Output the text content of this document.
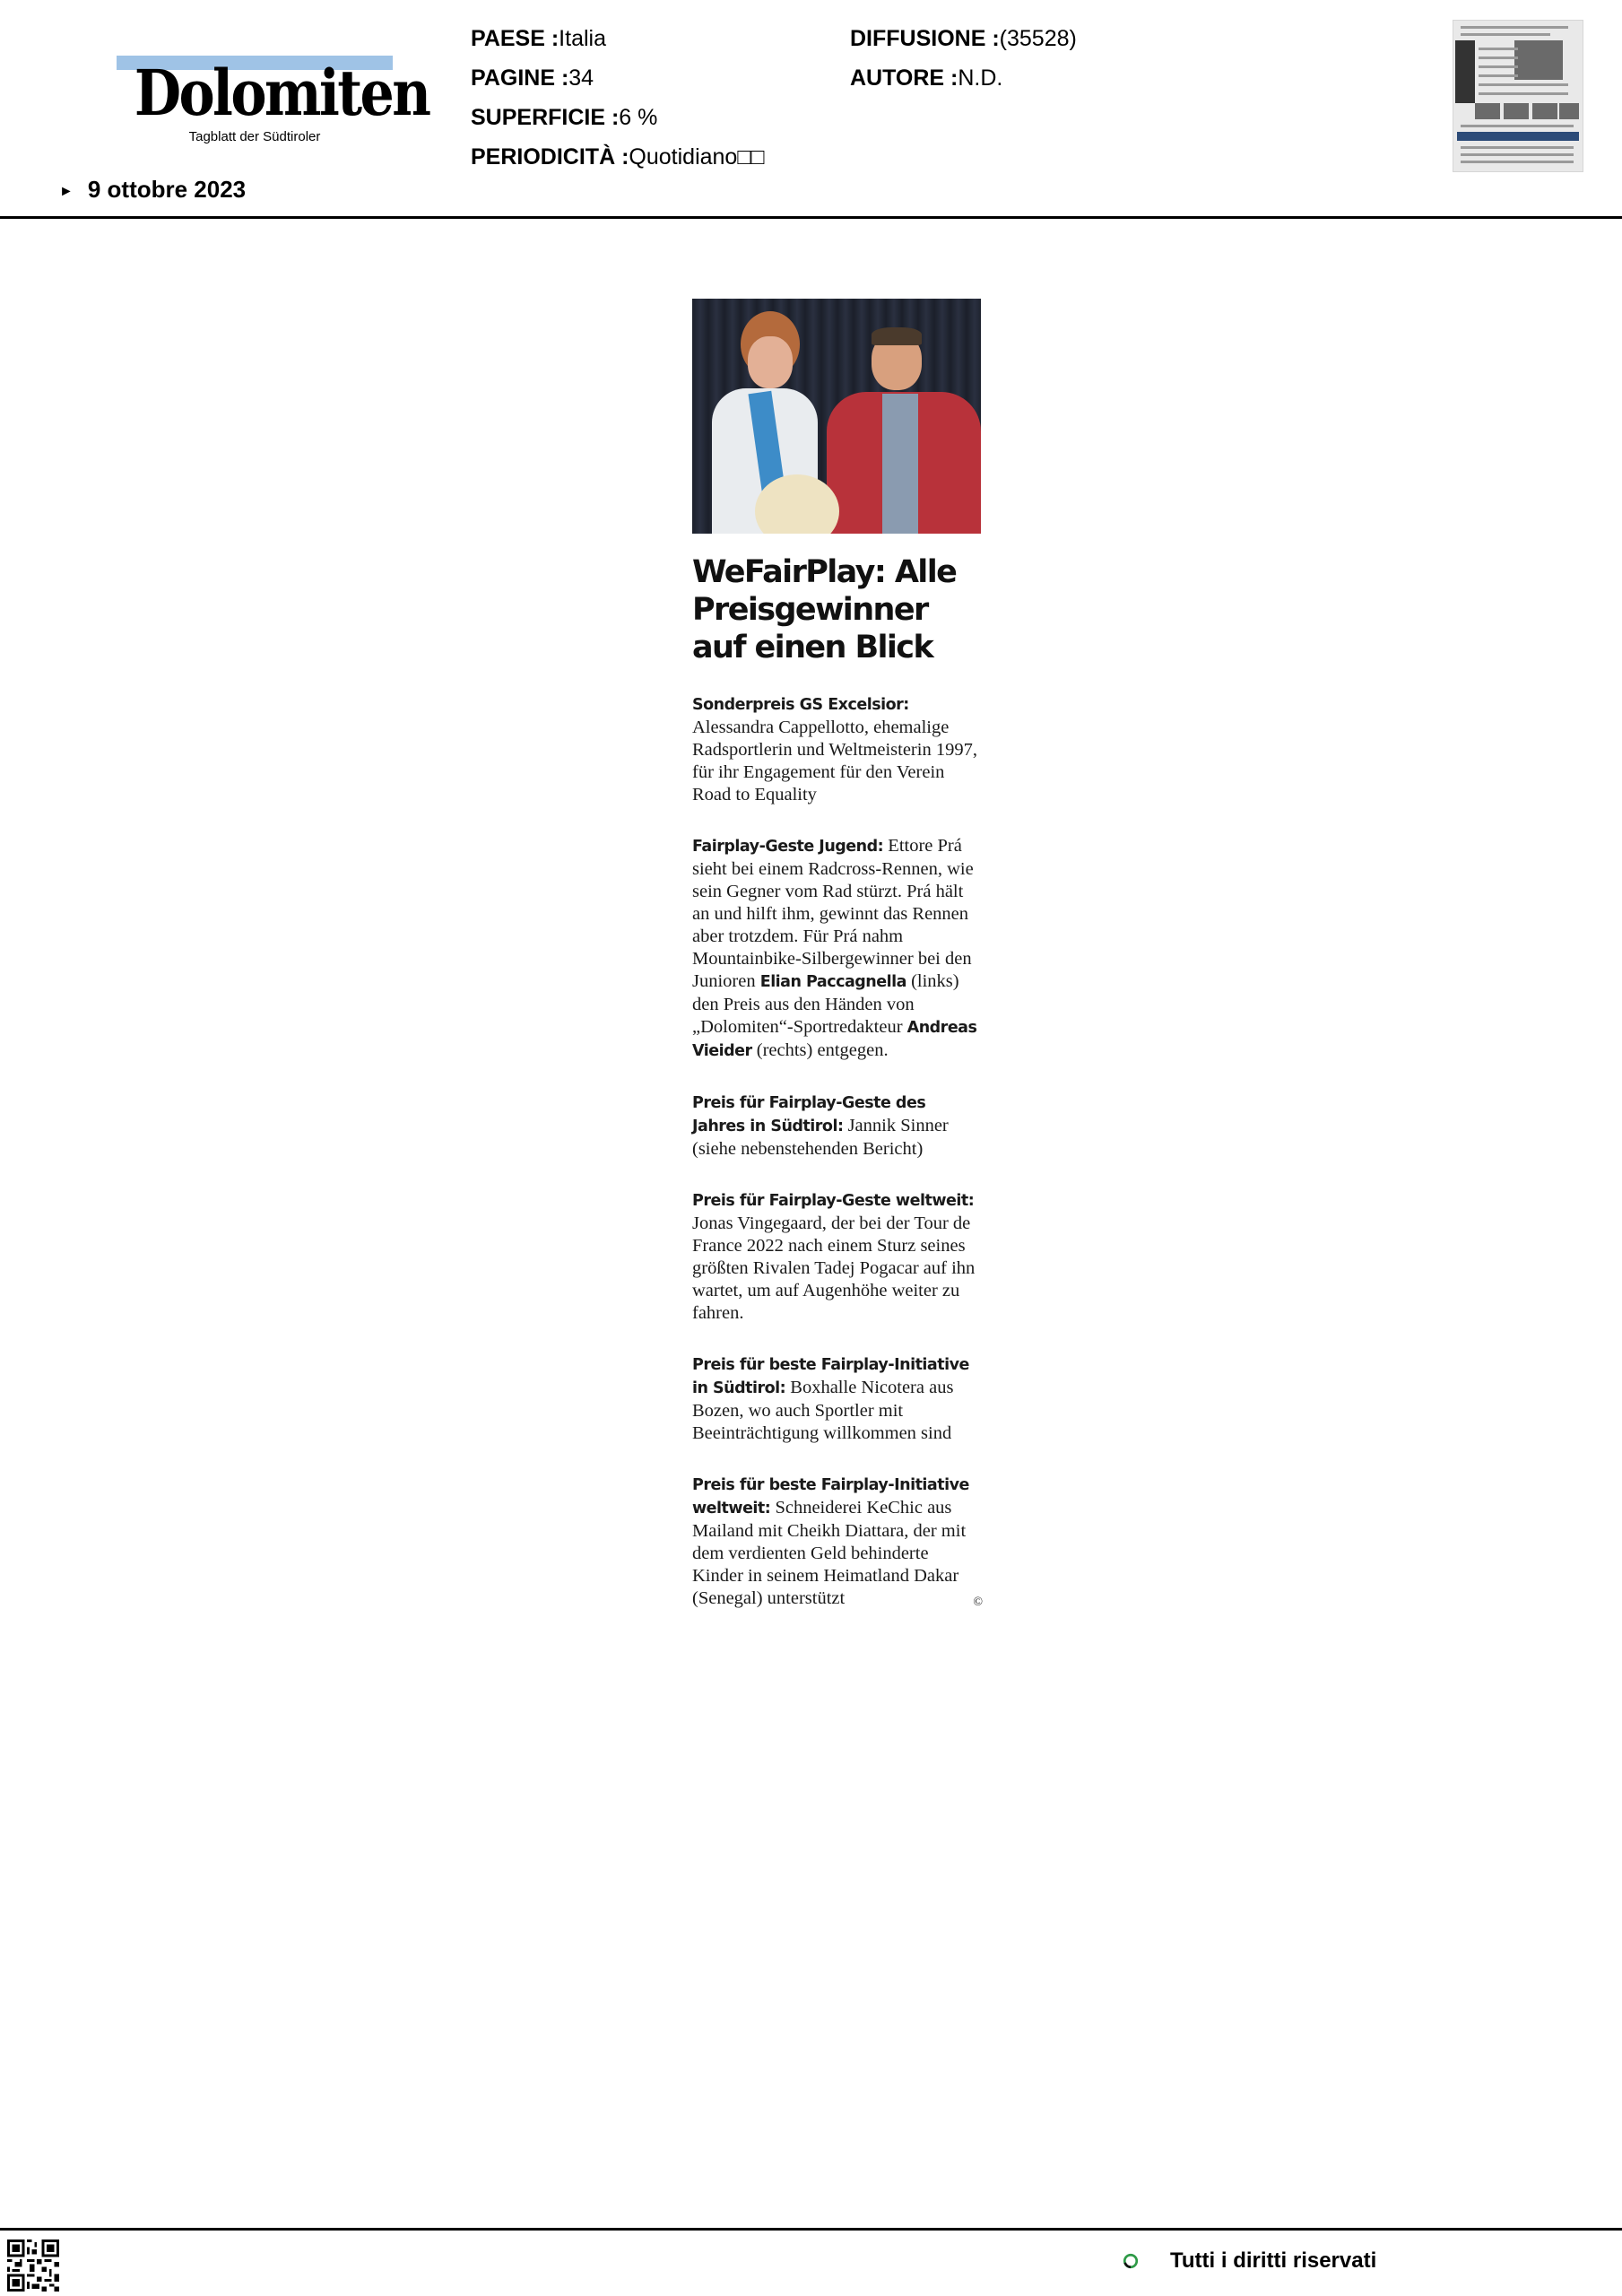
Dolomiten
Tagblatt der Südtiroler
► 9 ottobre 2023
PAESE :Italia
PAGINE :34
SUPERFICIE :6 %
PERIODICITÀ :Quotidiano□□
DIFFUSIONE :(35528)
AUTORE :N.D.
WeFairPlay: Alle Preisgewinner auf einen Blick

Sonderpreis GS Excelsior: Alessandra Cappellotto, ehemalige Radsportlerin und Weltmeisterin 1997, für ihr Engagement für den Verein Road to Equality

Fairplay-Geste Jugend: Ettore Prá sieht bei einem Radcross-Rennen, wie sein Gegner vom Rad stürzt. Prá hält an und hilft ihm, gewinnt das Rennen aber trotzdem. Für Prá nahm Mountainbike-Silbergewinner bei den Junioren Elian Paccagnella (links) den Preis aus den Händen von „Dolomiten“-Sportredakteur Andreas Vieider (rechts) entgegen.

Preis für Fairplay-Geste des Jahres in Südtirol: Jannik Sinner (siehe nebenstehenden Bericht)

Preis für Fairplay-Geste weltweit: Jonas Vingegaard, der bei der Tour de France 2022 nach einem Sturz seines größten Rivalen Tadej Pogacar auf ihn wartet, um auf Augenhöhe weiter zu fahren.

Preis für beste Fairplay-Initiative in Südtirol: Boxhalle Nicotera aus Bozen, wo auch Sportler mit Beeinträchtigung willkommen sind

Preis für beste Fairplay-Initiative weltweit: Schneiderei KeChic aus Mailand mit Cheikh Diattara, der mit dem verdienten Geld behinderte Kinder in seinem Heimatland Dakar (Senegal) unterstützt	©

Tutti i diritti riservati
